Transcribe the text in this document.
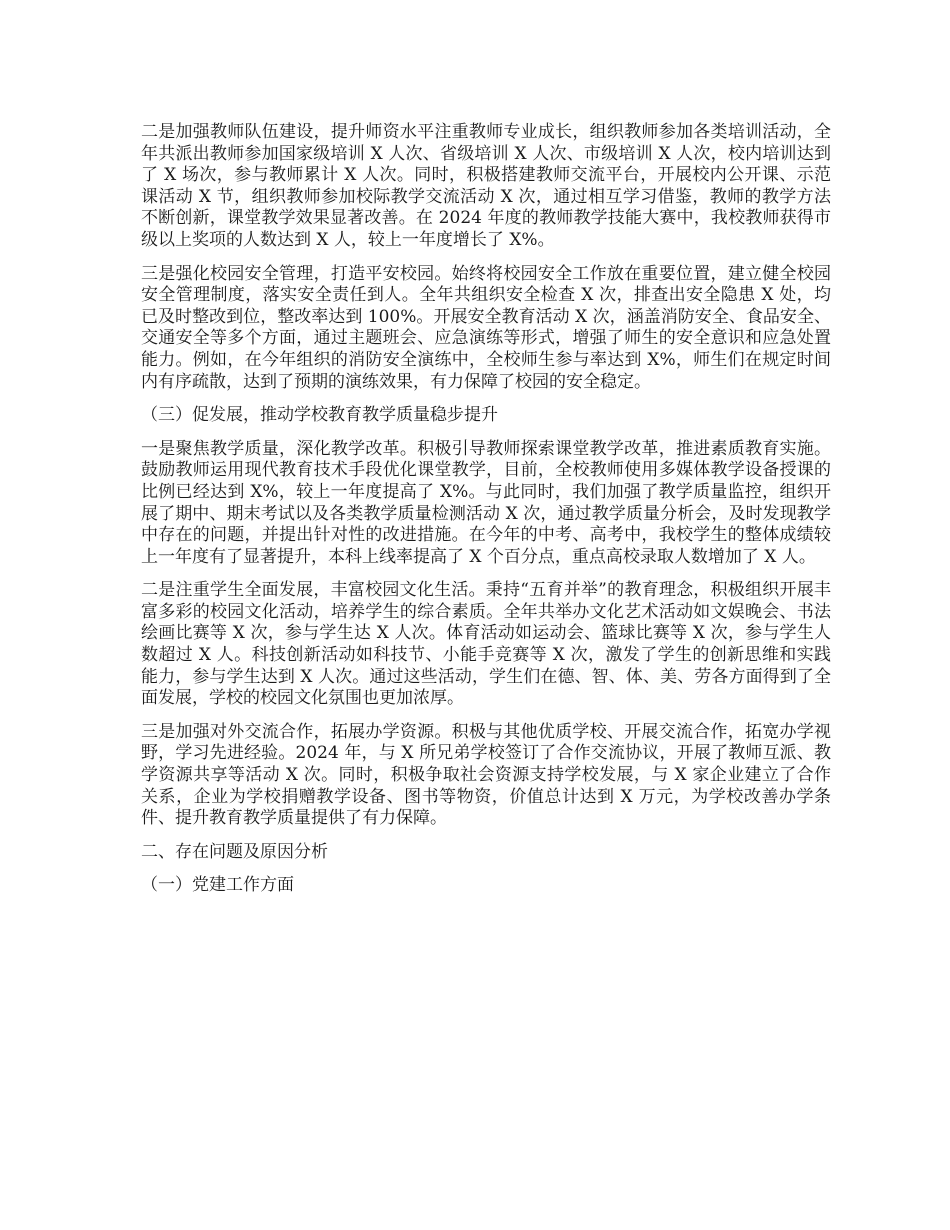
二是加强教师队伍建设，提升师资水平注重教师专业成长，组织教师参加各类培训活动，全年共派出教师参加国家级培训 X 人次、省级培训 X 人次、市级培训 X 人次，校内培训达到了 X 场次，参与教师累计 X 人次。同时，积极搭建教师交流平台，开展校内公开课、示范课活动 X 节，组织教师参加校际教学交流活动 X 次，通过相互学习借鉴，教师的教学方法不断创新，课堂教学效果显著改善。在 2024 年度的教师教学技能大赛中，我校教师获得市级以上奖项的人数达到 X 人，较上一年度增长了 X%。

三是强化校园安全管理，打造平安校园。始终将校园安全工作放在重要位置，建立健全校园安全管理制度，落实安全责任到人。全年共组织安全检查 X 次，排查出安全隐患 X 处，均已及时整改到位，整改率达到 100%。开展安全教育活动 X 次，涵盖消防安全、食品安全、交通安全等多个方面，通过主题班会、应急演练等形式，增强了师生的安全意识和应急处置能力。例如，在今年组织的消防安全演练中，全校师生参与率达到 X%，师生们在规定时间内有序疏散，达到了预期的演练效果，有力保障了校园的安全稳定。

（三）促发展，推动学校教育教学质量稳步提升

一是聚焦教学质量，深化教学改革。积极引导教师探索课堂教学改革，推进素质教育实施。鼓励教师运用现代教育技术手段优化课堂教学，目前，全校教师使用多媒体教学设备授课的比例已经达到 X%，较上一年度提高了 X%。与此同时，我们加强了教学质量监控，组织开展了期中、期末考试以及各类教学质量检测活动 X 次，通过教学质量分析会，及时发现教学中存在的问题，并提出针对性的改进措施。在今年的中考、高考中，我校学生的整体成绩较上一年度有了显著提升，本科上线率提高了 X 个百分点，重点高校录取人数增加了 X 人。

二是注重学生全面发展，丰富校园文化生活。秉持“五育并举”的教育理念，积极组织开展丰富多彩的校园文化活动，培养学生的综合素质。全年共举办文化艺术活动如文娱晚会、书法绘画比赛等 X 次，参与学生达 X 人次。体育活动如运动会、篮球比赛等 X 次，参与学生人数超过 X 人。科技创新活动如科技节、小能手竞赛等 X 次，激发了学生的创新思维和实践能力，参与学生达到 X 人次。通过这些活动，学生们在德、智、体、美、劳各方面得到了全面发展，学校的校园文化氛围也更加浓厚。

三是加强对外交流合作，拓展办学资源。积极与其他优质学校、开展交流合作，拓宽办学视野，学习先进经验。2024 年，与 X 所兄弟学校签订了合作交流协议，开展了教师互派、教学资源共享等活动 X 次。同时，积极争取社会资源支持学校发展，与 X 家企业建立了合作关系，企业为学校捐赠教学设备、图书等物资，价值总计达到 X 万元，为学校改善办学条件、提升教育教学质量提供了有力保障。

二、存在问题及原因分析

（一）党建工作方面
